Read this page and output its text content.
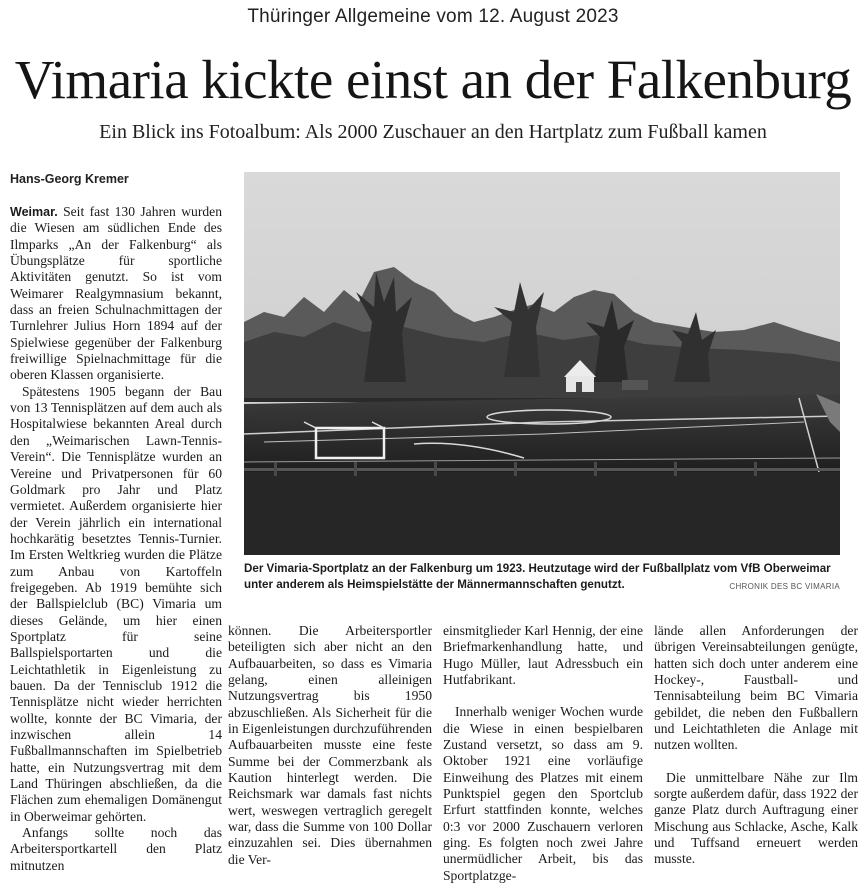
Thüringer Allgemeine vom 12. August 2023
Vimaria kickte einst an der Falkenburg
Ein Blick ins Fotoalbum: Als 2000 Zuschauer an den Hartplatz zum Fußball kamen
Hans-Georg Kremer

Weimar. Seit fast 130 Jahren wurden die Wiesen am südlichen Ende des Ilmparks „An der Falkenburg“ als Übungsplätze für sportliche Aktivitäten genutzt. So ist vom Weimarer Realgymnasium bekannt, dass an freien Schulnachmittagen der Turnlehrer Julius Horn 1894 auf der Spielwiese gegenüber der Falkenburg freiwillige Spielnachmittage für die oberen Klassen organisierte.

Spätestens 1905 begann der Bau von 13 Tennisplätzen auf dem auch als Hospitalwiese bekannten Areal durch den „Weimarischen Lawn-Tennis-Verein“. Die Tennisplätze wurden an Vereine und Privatpersonen für 60 Goldmark pro Jahr und Platz vermietet. Außerdem organisierte hier der Verein jährlich ein international hochkarätig besetztes Tennis-Turnier. Im Ersten Weltkrieg wurden die Plätze zum Anbau von Kartoffeln freigegeben. Ab 1919 bemühte sich der Ballspielclub (BC) Vimaria um dieses Gelände, um hier einen Sportplatz für seine Ballspielsportarten und die Leichtathletik in Eigenleistung zu bauen. Da der Tennisclub 1912 die Tennisplätze nicht wieder herrichten wollte, konnte der BC Vimaria, der inzwischen allein 14 Fußballmannschaften im Spielbetrieb hatte, ein Nutzungsvertrag mit dem Land Thüringen abschließen, da die Flächen zum ehemaligen Domänengut in Oberweimar gehörten.

Anfangs sollte noch das Arbeitersportkartell den Platz mitnutzen

Der Vimaria-Sportplatz an der Falkenburg um 1923. Heutzutage wird der Fußballplatz vom VfB Oberweimar unter anderem als Heimspielstätte der Männermannschaften genutzt.	CHRONIK DES BC VIMARIA

können. Die Arbeitersportler beteiligten sich aber nicht an den Aufbauarbeiten, so dass es Vimaria gelang, einen alleinigen Nutzungsvertrag bis 1950 abzuschließen. Als Sicherheit für die in Eigenleistungen durchzuführenden Aufbauarbeiten musste eine feste Summe bei der Commerzbank als Kaution hinterlegt werden. Die Reichsmark war damals fast nichts wert, weswegen vertraglich geregelt war, dass die Summe von 100 Dollar einzuzahlen sei. Dies übernahmen die Ver-

einsmitglieder Karl Hennig, der eine Briefmarkenhandlung hatte, und Hugo Müller, laut Adressbuch ein Hutfabrikant.

Innerhalb weniger Wochen wurde die Wiese in einen bespielbaren Zustand versetzt, so dass am 9. Oktober 1921 eine vorläufige Einweihung des Platzes mit einem Punktspiel gegen den Sportclub Erfurt stattfinden konnte, welches 0:3 vor 2000 Zuschauern verloren ging. Es folgten noch zwei Jahre unermüdlicher Arbeit, bis das Sportplatzge-

lände allen Anforderungen der übrigen Vereinsabteilungen genügte, hatten sich doch unter anderem eine Hockey-, Faustball- und Tennisabteilung beim BC Vimaria gebildet, die neben den Fußballern und Leichtathleten die Anlage mit nutzen wollten.

Die unmittelbare Nähe zur Ilm sorgte außerdem dafür, dass 1922 der ganze Platz durch Auftragung einer Mischung aus Schlacke, Asche, Kalk und Tuffsand erneuert werden musste.
